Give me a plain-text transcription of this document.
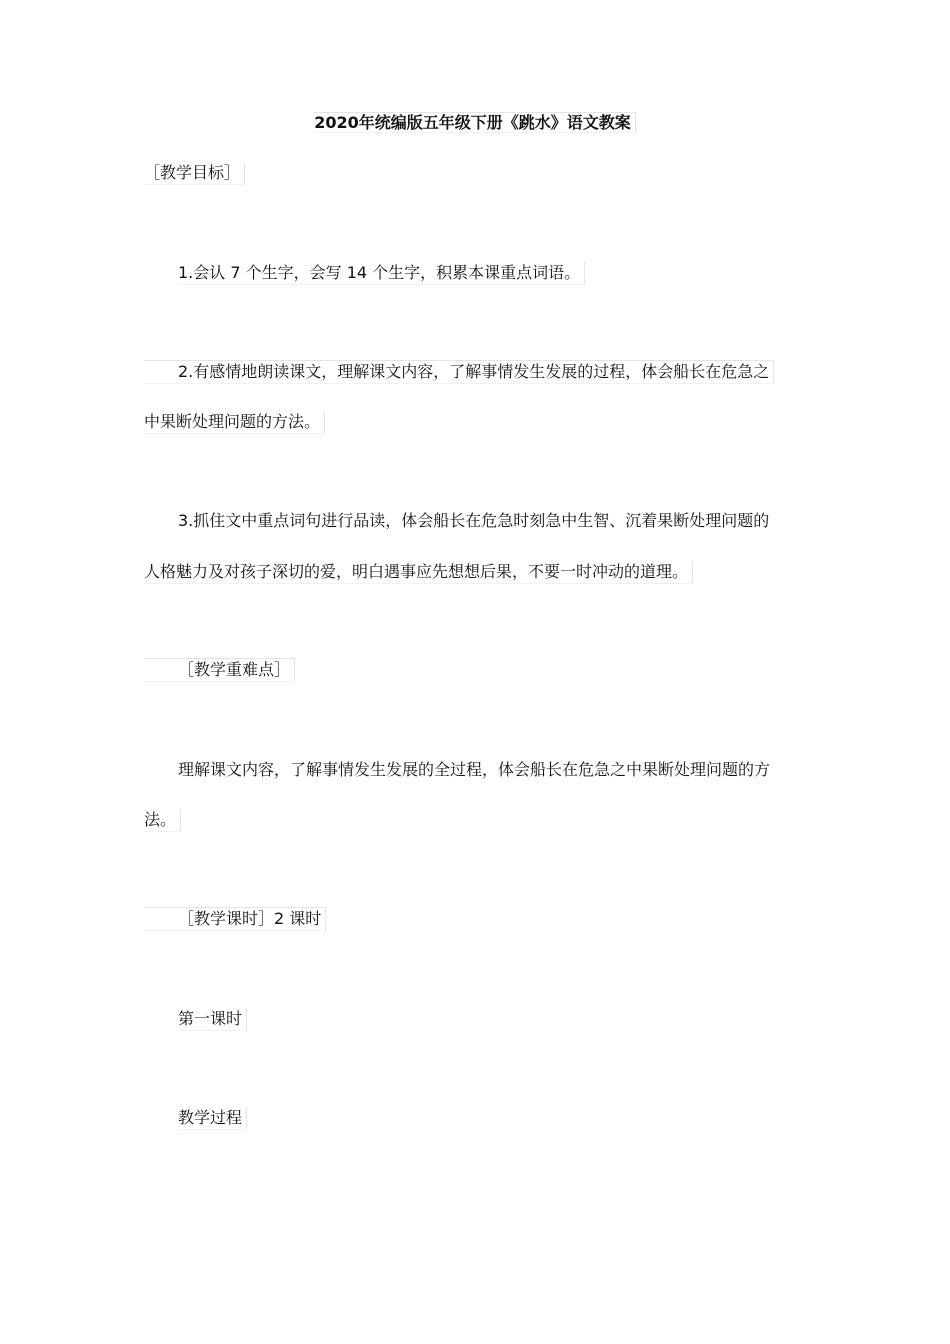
2020年统编版五年级下册《跳水》语文教案
［教学目标］
1.会认 7 个生字，会写 14 个生字，积累本课重点词语。
2.有感情地朗读课文，理解课文内容，了解事情发生发展的过程，体会船长在危急之
中果断处理问题的方法。
3.抓住文中重点词句进行品读，体会船长在危急时刻急中生智、沉着果断处理问题的
人格魅力及对孩子深切的爱，明白遇事应先想想后果，不要一时冲动的道理。
［教学重难点］
理解课文内容，了解事情发生发展的全过程，体会船长在危急之中果断处理问题的方
法。
［教学课时］2 课时
第一课时
教学过程
